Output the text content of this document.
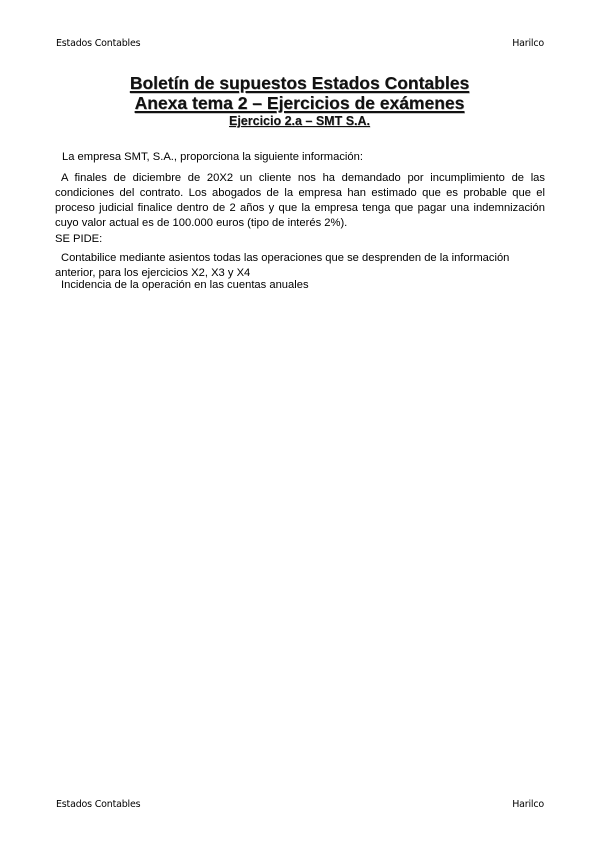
Estados Contables	Harilco
Boletín de supuestos Estados Contables
Anexa tema 2 – Ejercicios de exámenes
Ejercicio 2.a – SMT S.A.
La empresa SMT, S.A., proporciona la siguiente información:
A finales de diciembre de 20X2 un cliente nos ha demandado por incumplimiento de las condiciones del contrato. Los abogados de la empresa han estimado que es probable que el proceso judicial finalice dentro de 2 años y que la empresa tenga que pagar una indemnización cuyo valor actual es de 100.000 euros (tipo de interés 2%).
SE PIDE:
Contabilice mediante asientos todas las operaciones que se desprenden de la información anterior, para los ejercicios X2, X3 y X4
Incidencia de la operación en las cuentas anuales
Estados Contables	Harilco
